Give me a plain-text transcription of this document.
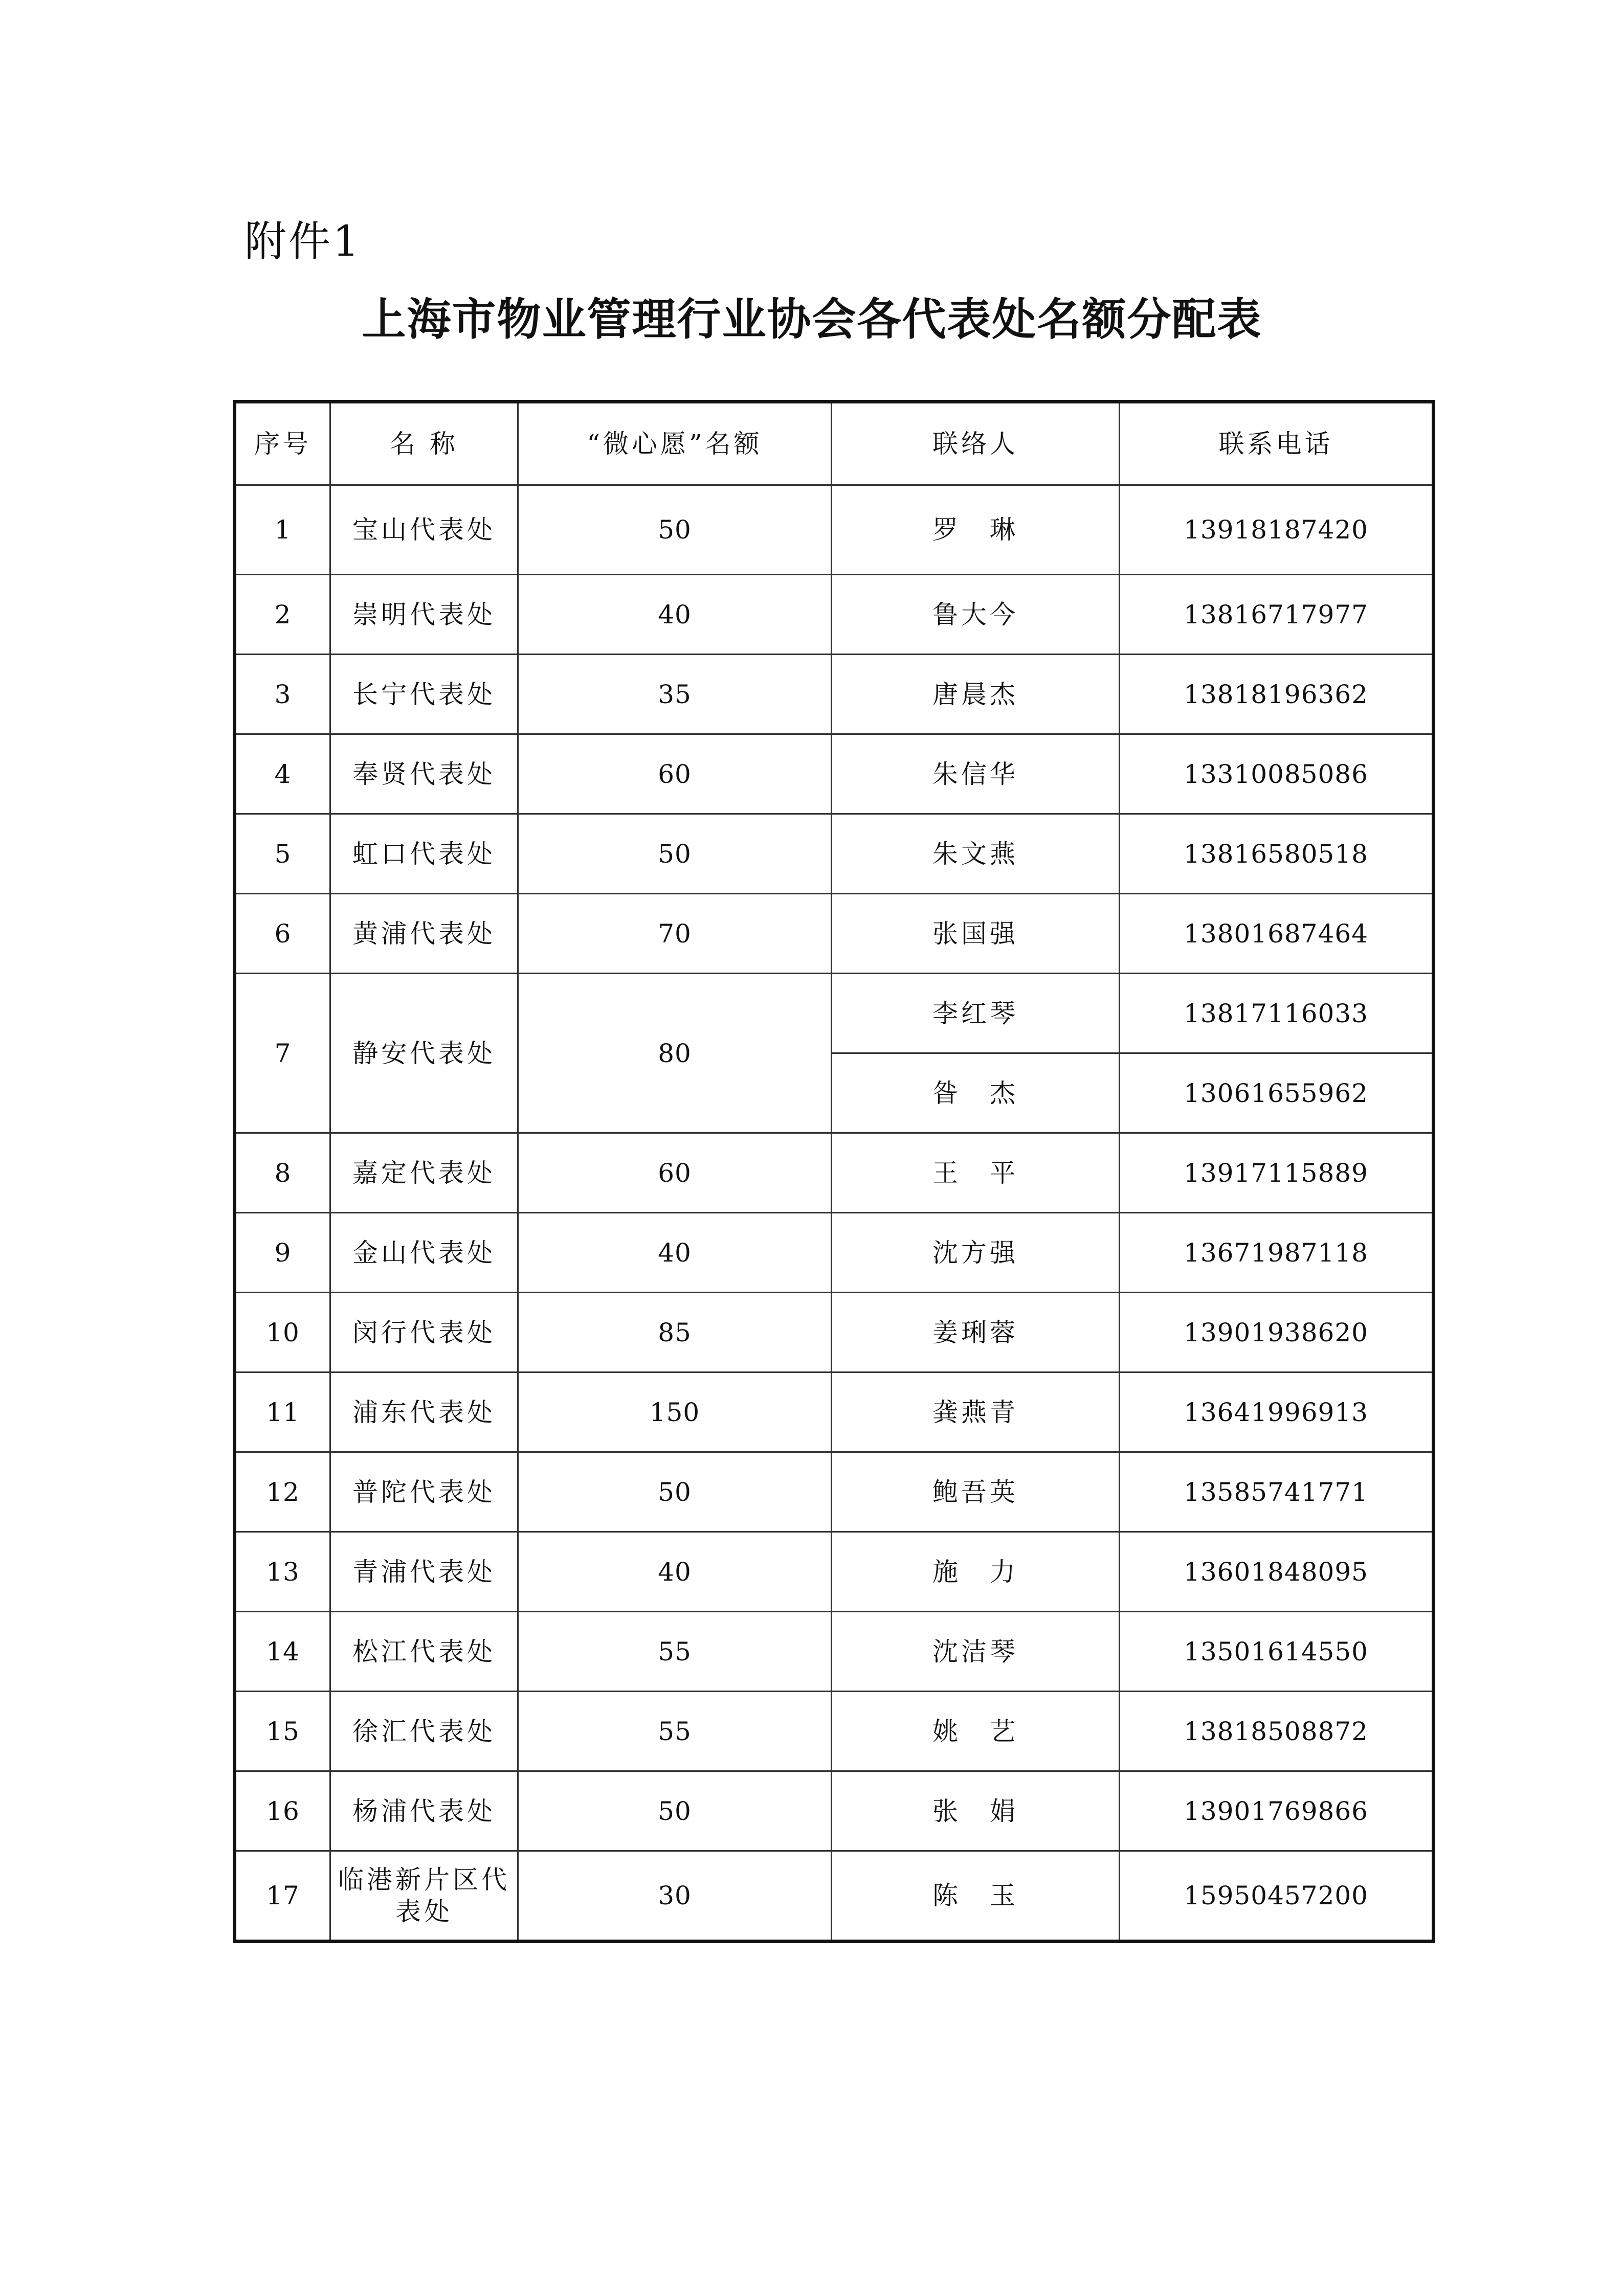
附件1
上海市物业管理行业协会各代表处名额分配表
序号	名 称	“微心愿”名额	联络人	联系电话
1	宝山代表处	50	罗　琳	13918187420
2	崇明代表处	40	鲁大今	13816717977
3	长宁代表处	35	唐晨杰	13818196362
4	奉贤代表处	60	朱信华	13310085086
5	虹口代表处	50	朱文燕	13816580518
6	黄浦代表处	70	张国强	13801687464
7	静安代表处	80	李红琴	13817116033
			昝　杰	13061655962
8	嘉定代表处	60	王　平	13917115889
9	金山代表处	40	沈方强	13671987118
10	闵行代表处	85	姜琍蓉	13901938620
11	浦东代表处	150	龚燕青	13641996913
12	普陀代表处	50	鲍吾英	13585741771
13	青浦代表处	40	施　力	13601848095
14	松江代表处	55	沈洁琴	13501614550
15	徐汇代表处	55	姚　艺	13818508872
16	杨浦代表处	50	张　娟	13901769866
17	临港新片区代表处	30	陈　玉	15950457200
